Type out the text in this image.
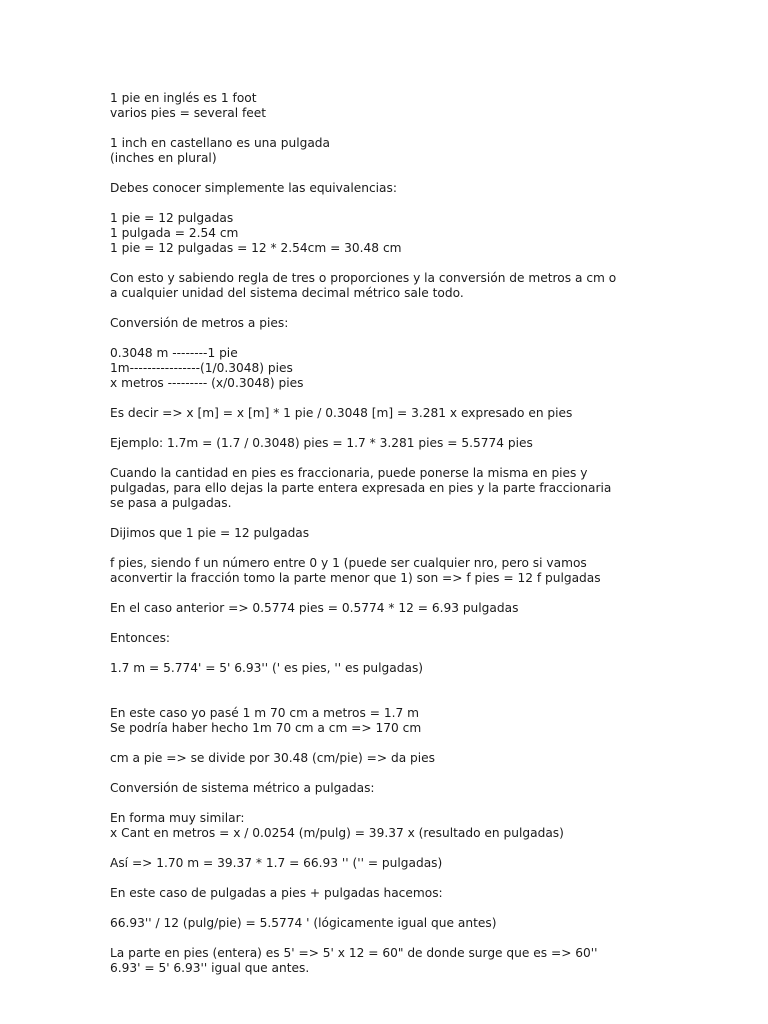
1 pie en inglés es 1 foot
varios pies = several feet
1 inch en castellano es una pulgada
(inches en plural)
Debes conocer simplemente las equivalencias:
1 pie = 12 pulgadas
1 pulgada = 2.54 cm
1 pie = 12 pulgadas = 12 * 2.54cm = 30.48 cm
Con esto y sabiendo regla de tres o proporciones y la conversión de metros a cm o
a cualquier unidad del sistema decimal métrico sale todo.
Conversión de metros a pies:
0.3048 m --------1 pie
1m----------------(1/0.3048) pies
x metros --------- (x/0.3048) pies
Es decir => x [m] = x [m] * 1 pie / 0.3048 [m] = 3.281 x expresado en pies
Ejemplo: 1.7m = (1.7 / 0.3048) pies = 1.7 * 3.281 pies = 5.5774 pies
Cuando la cantidad en pies es fraccionaria, puede ponerse la misma en pies y
pulgadas, para ello dejas la parte entera expresada en pies y la parte fraccionaria
se pasa a pulgadas.
Dijimos que 1 pie = 12 pulgadas
f pies, siendo f un número entre 0 y 1 (puede ser cualquier nro, pero si vamos
aconvertir la fracción tomo la parte menor que 1) son => f pies = 12 f pulgadas
En el caso anterior => 0.5774 pies = 0.5774 * 12 = 6.93 pulgadas
Entonces:
1.7 m = 5.774' = 5' 6.93'' (' es pies, '' es pulgadas)
En este caso yo pasé 1 m 70 cm a metros = 1.7 m
Se podría haber hecho 1m 70 cm a cm => 170 cm
cm a pie => se divide por 30.48 (cm/pie) => da pies
Conversión de sistema métrico a pulgadas:
En forma muy similar:
x Cant en metros = x / 0.0254 (m/pulg) = 39.37 x (resultado en pulgadas)
Así => 1.70 m = 39.37 * 1.7 = 66.93 '' ('' = pulgadas)
En este caso de pulgadas a pies + pulgadas hacemos:
66.93'' / 12 (pulg/pie) = 5.5774 ' (lógicamente igual que antes)
La parte en pies (entera) es 5' => 5' x 12 = 60" de donde surge que es => 60''
6.93' = 5' 6.93'' igual que antes.
